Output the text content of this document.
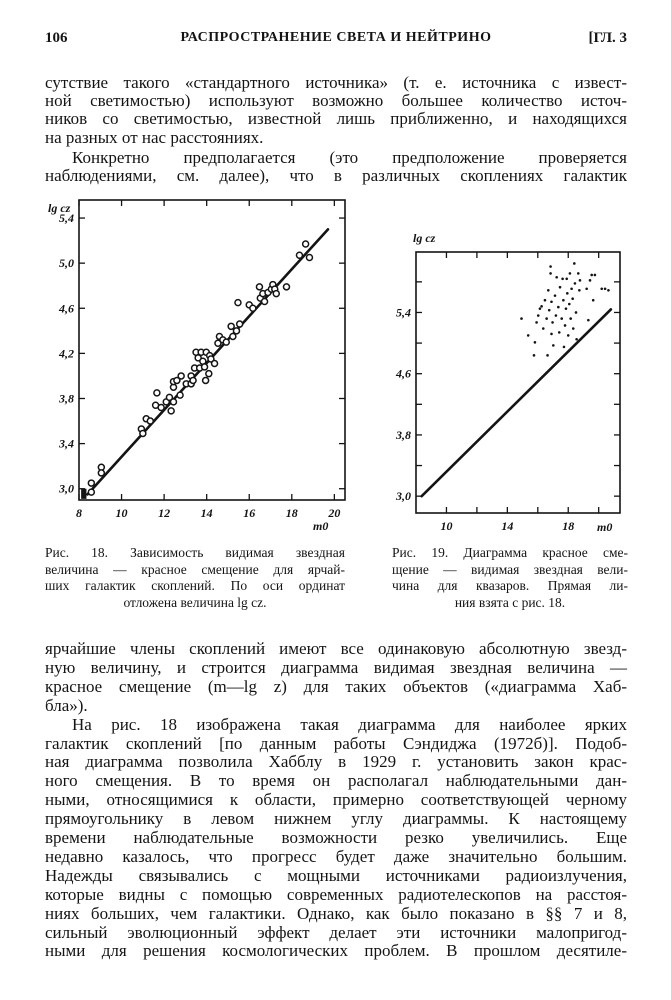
106	РАСПРОСТРАНЕНИЕ СВЕТА И НЕЙТРИНО	[ГЛ. 3
сутствие такого «стандартного источника» (т. е. источника с извест-
ной светимостью) используют возможно большее количество источ-
ников со светимостью, известной лишь приближенно, и находящихся
на разных от нас расстояниях.
Конкретно предполагается (это предположение проверяется
наблюдениями, см. далее), что в различных скоплениях галактик
3,0
3,4
3,8
4,2
4,6
5,0
5,4
8	10	12	14	16	18	20
lg cz
m0
3,0
3,8
4,6
5,4
10	14	18
lg cz
m0
Рис. 18. Зависимость видимая звездная
величина — красное смещение для ярчай-
ших галактик скоплений. По оси ординат
отложена величина lg cz.
Рис. 19. Диаграмма красное сме-
щение — видимая звездная вели-
чина для квазаров. Прямая ли-
ния взята с рис. 18.
ярчайшие члены скоплений имеют все одинаковую абсолютную звезд-
ную величину, и строится диаграмма видимая звездная величина —
красное смещение (m—lg z) для таких объектов («диаграмма Хаб-
бла»).
На рис. 18 изображена такая диаграмма для наиболее ярких
галактик скоплений [по данным работы Сэндиджа (1972б)]. Подоб-
ная диаграмма позволила Хабблу в 1929 г. установить закон крас-
ного смещения. В то время он располагал наблюдательными дан-
ными, относящимися к области, примерно соответствующей черному
прямоугольнику в левом нижнем углу диаграммы. К настоящему
времени наблюдательные возможности резко увеличились. Еще
недавно казалось, что прогресс будет даже значительно большим.
Надежды связывались с мощными источниками радиоизлучения,
которые видны с помощью современных радиотелескопов на расстоя-
ниях больших, чем галактики. Однако, как было показано в §§ 7 и 8,
сильный эволюционный эффект делает эти источники малопригод-
ными для решения космологических проблем. В прошлом десятиле-
